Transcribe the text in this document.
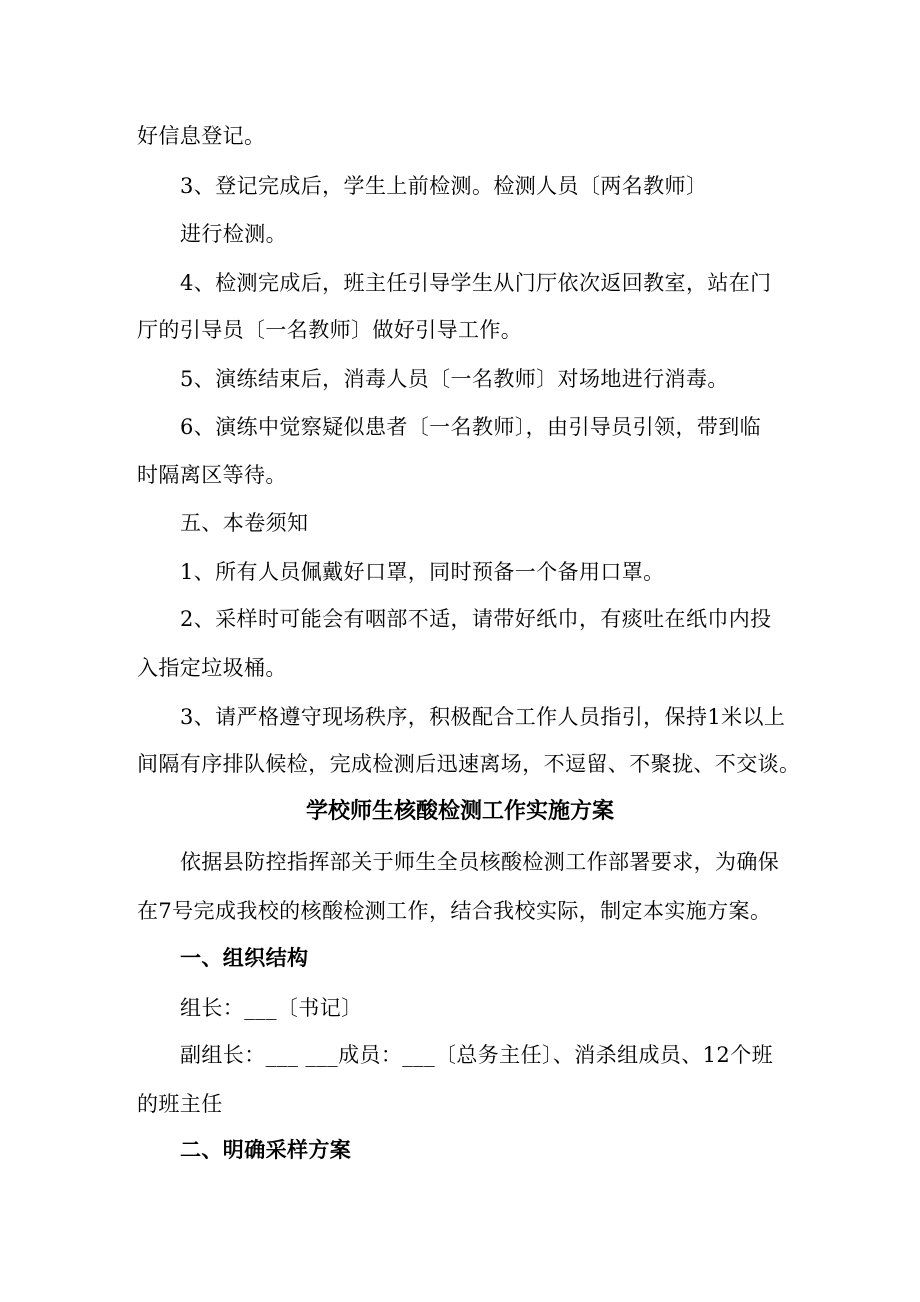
好信息登记。
3、登记完成后，学生上前检测。检测人员〔两名教师〕
进行检测。
4、检测完成后，班主任引导学生从门厅依次返回教室，站在门
厅的引导员〔一名教师〕做好引导工作。
5、演练结束后，消毒人员〔一名教师〕对场地进行消毒。
6、演练中觉察疑似患者〔一名教师〕，由引导员引领，带到临
时隔离区等待。
五、本卷须知
1、所有人员佩戴好口罩，同时预备一个备用口罩。
2、采样时可能会有咽部不适，请带好纸巾，有痰吐在纸巾内投
入指定垃圾桶。
3、请严格遵守现场秩序，积极配合工作人员指引，保持1米以上
间隔有序排队候检，完成检测后迅速离场，不逗留、不聚拢、不交谈。
学校师生核酸检测工作实施方案
依据县防控指挥部关于师生全员核酸检测工作部署要求，为确保
在7号完成我校的核酸检测工作，结合我校实际，制定本实施方案。
一、组织结构
组长：___〔书记〕
副组长：___ ___成员：___〔总务主任〕、消杀组成员、12个班
的班主任
二、明确采样方案
